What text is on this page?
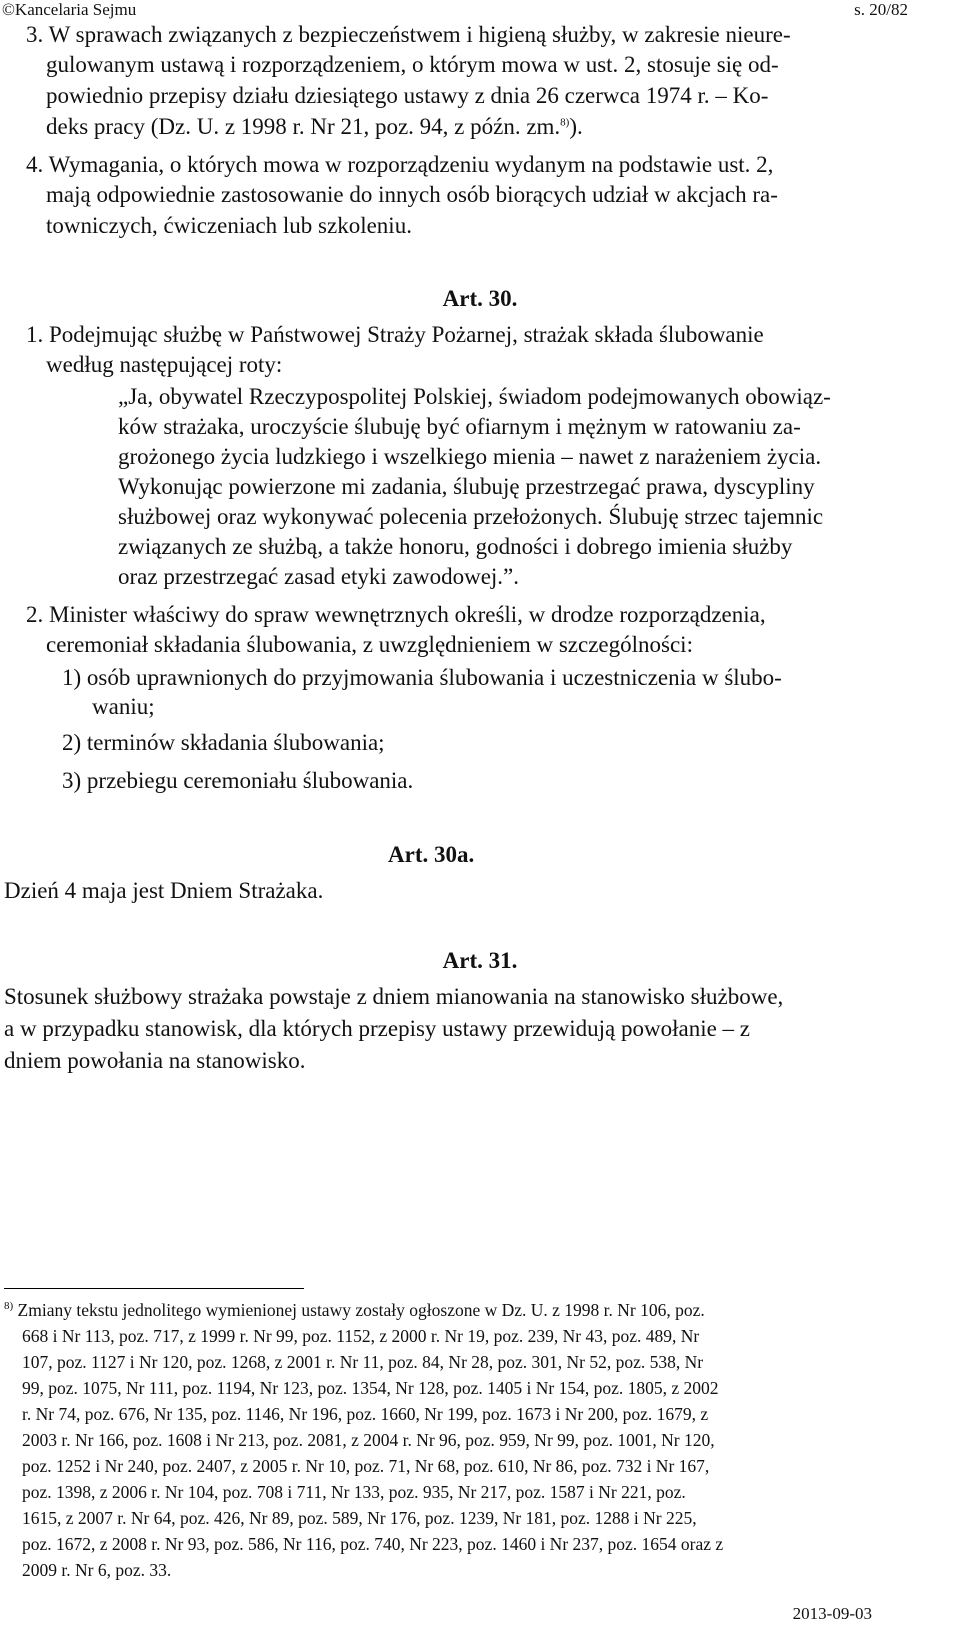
©Kancelaria Sejmu	s. 20/82
3. W sprawach związanych z bezpieczeństwem i higieną służby, w zakresie nieure-
gulowanym ustawą i rozporządzeniem, o którym mowa w ust. 2, stosuje się od-
powiednio przepisy działu dziesiątego ustawy z dnia 26 czerwca 1974 r. – Ko-
deks pracy (Dz. U. z 1998 r. Nr 21, poz. 94, z późn. zm.$^{8)}$).
4. Wymagania, o których mowa w rozporządzeniu wydanym na podstawie ust. 2,
mają odpowiednie zastosowanie do innych osób biorących udział w akcjach ra-
towniczych, ćwiczeniach lub szkoleniu.
Art. 30.
1. Podejmując służbę w Państwowej Straży Pożarnej, strażak składa ślubowanie
według następującej roty:
„Ja, obywatel Rzeczypospolitej Polskiej, świadom podejmowanych obowiąz-
ków strażaka, uroczyście ślubuję być ofiarnym i mężnym w ratowaniu za-
grożonego życia ludzkiego i wszelkiego mienia – nawet z narażeniem życia.
Wykonując powierzone mi zadania, ślubuję przestrzegać prawa, dyscypliny
służbowej oraz wykonywać polecenia przełożonych. Ślubuję strzec tajemnic
związanych ze służbą, a także honoru, godności i dobrego imienia służby
oraz przestrzegać zasad etyki zawodowej.”.
2. Minister właściwy do spraw wewnętrznych określi, w drodze rozporządzenia,
ceremoniał składania ślubowania, z uwzględnieniem w szczególności:
1) osób uprawnionych do przyjmowania ślubowania i uczestniczenia w ślubo-
waniu;
2) terminów składania ślubowania;
3) przebiegu ceremoniału ślubowania.
Art. 30a.
Dzień 4 maja jest Dniem Strażaka.
Art. 31.
Stosunek służbowy strażaka powstaje z dniem mianowania na stanowisko służbowe,
a w przypadku stanowisk, dla których przepisy ustawy przewidują powołanie – z
dniem powołania na stanowisko.
$^{8)}$ Zmiany tekstu jednolitego wymienionej ustawy zostały ogłoszone w Dz. U. z 1998 r. Nr 106, poz.
668 i Nr 113, poz. 717, z 1999 r. Nr 99, poz. 1152, z 2000 r. Nr 19, poz. 239, Nr 43, poz. 489, Nr
107, poz. 1127 i Nr 120, poz. 1268, z 2001 r. Nr 11, poz. 84, Nr 28, poz. 301, Nr 52, poz. 538, Nr
99, poz. 1075, Nr 111, poz. 1194, Nr 123, poz. 1354, Nr 128, poz. 1405 i Nr 154, poz. 1805, z 2002
r. Nr 74, poz. 676, Nr 135, poz. 1146, Nr 196, poz. 1660, Nr 199, poz. 1673 i Nr 200, poz. 1679, z
2003 r. Nr 166, poz. 1608 i Nr 213, poz. 2081, z 2004 r. Nr 96, poz. 959, Nr 99, poz. 1001, Nr 120,
poz. 1252 i Nr 240, poz. 2407, z 2005 r. Nr 10, poz. 71, Nr 68, poz. 610, Nr 86, poz. 732 i Nr 167,
poz. 1398, z 2006 r. Nr 104, poz. 708 i 711, Nr 133, poz. 935, Nr 217, poz. 1587 i Nr 221, poz.
1615, z 2007 r. Nr 64, poz. 426, Nr 89, poz. 589, Nr 176, poz. 1239, Nr 181, poz. 1288 i Nr 225,
poz. 1672, z 2008 r. Nr 93, poz. 586, Nr 116, poz. 740, Nr 223, poz. 1460 i Nr 237, poz. 1654 oraz z
2009 r. Nr 6, poz. 33.
2013-09-03
